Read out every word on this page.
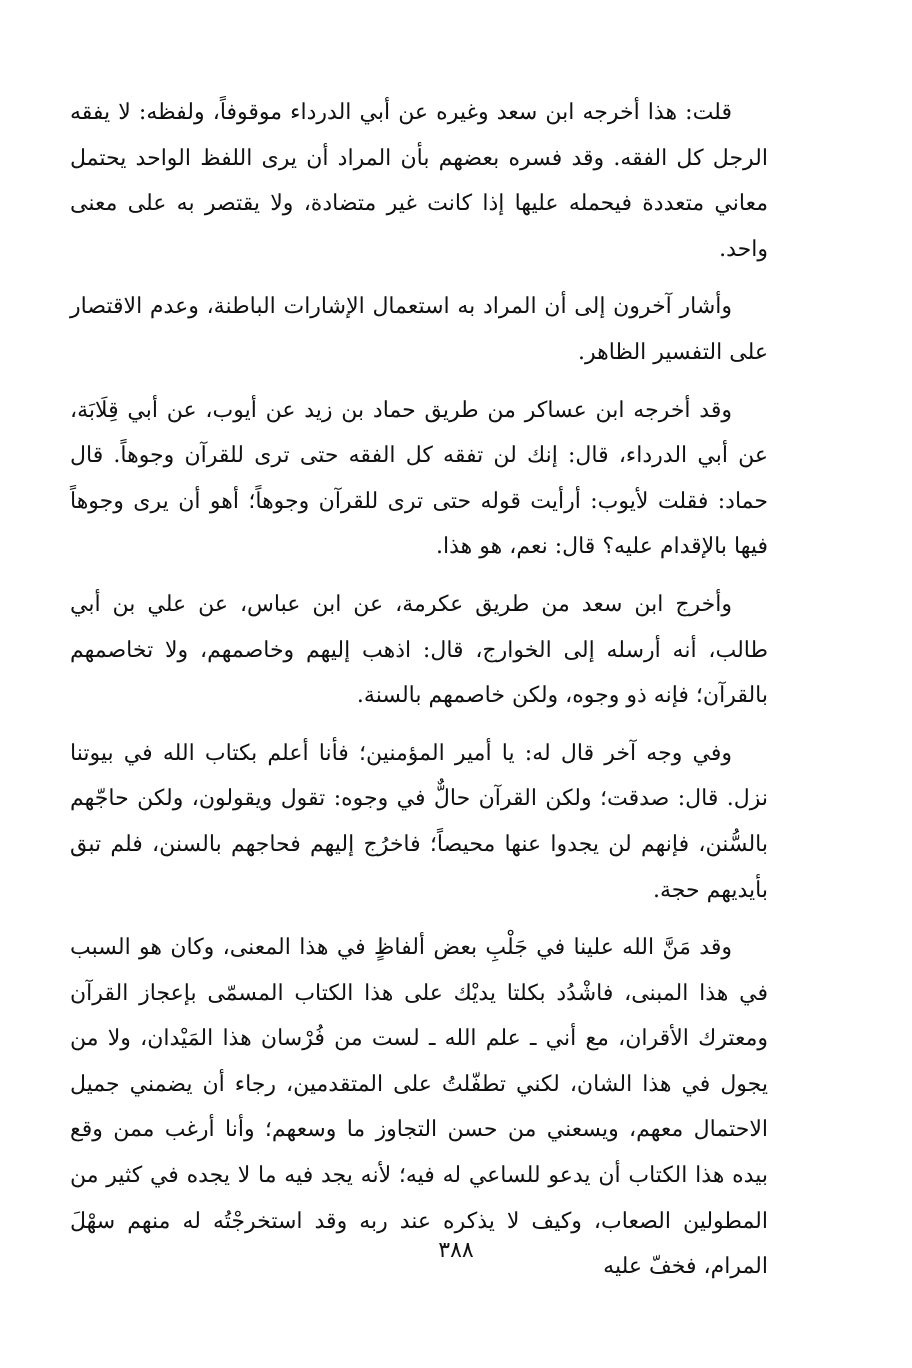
قلت: هذا أخرجه ابن سعد وغيره عن أبي الدرداء موقوفاً، ولفظه: لا يفقه الرجل كل الفقه. وقد فسره بعضهم بأن المراد أن يرى اللفظ الواحد يحتمل معاني متعددة فيحمله عليها إذا كانت غير متضادة، ولا يقتصر به على معنى واحد.

وأشار آخرون إلى أن المراد به استعمال الإشارات الباطنة، وعدم الاقتصار على التفسير الظاهر.

وقد أخرجه ابن عساكر من طريق حماد بن زيد عن أيوب، عن أبي قِلَابَة، عن أبي الدرداء، قال: إنك لن تفقه كل الفقه حتى ترى للقرآن وجوهاً. قال حماد: فقلت لأيوب: أرأيت قوله حتى ترى للقرآن وجوهاً؛ أهو أن يرى وجوهاً فيها بالإقدام عليه؟ قال: نعم، هو هذا.

وأخرج ابن سعد من طريق عكرمة، عن ابن عباس، عن علي بن أبي طالب، أنه أرسله إلى الخوارج، قال: اذهب إليهم وخاصمهم، ولا تخاصمهم بالقرآن؛ فإنه ذو وجوه، ولكن خاصمهم بالسنة.

وفي وجه آخر قال له: يا أمير المؤمنين؛ فأنا أعلم بكتاب الله في بيوتنا نزل. قال: صدقت؛ ولكن القرآن حالٌّ في وجوه: تقول ويقولون، ولكن حاجّهم بالسُّنن، فإنهم لن يجدوا عنها محيصاً؛ فاخرُج إليهم فحاجهم بالسنن، فلم تبق بأيديهم حجة.

وقد مَنَّ الله علينا في جَلْبِ بعض ألفاظٍ في هذا المعنى، وكان هو السبب في هذا المبنى، فاشْدُد بكلتا يديْك على هذا الكتاب المسمّى بإعجاز القرآن ومعترك الأقران، مع أني ـ علم الله ـ لست من فُرْسان هذا المَيْدان، ولا من يجول في هذا الشان، لكني تطفّلتُ على المتقدمين، رجاء أن يضمني جميل الاحتمال معهم، ويسعني من حسن التجاوز ما وسعهم؛ وأنا أرغب ممن وقع بيده هذا الكتاب أن يدعو للساعي له فيه؛ لأنه يجد فيه ما لا يجده في كثير من المطولين الصعاب، وكيف لا يذكره عند ربه وقد استخرجْتُه له منهم سهْلَ المرام، فخفّ عليه

٣٨٨
